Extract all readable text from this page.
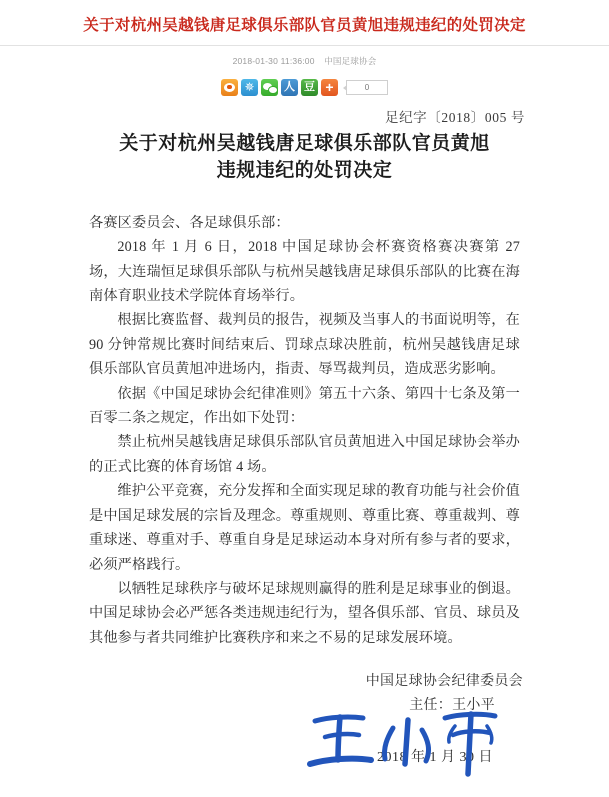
关于对杭州吴越钱唐足球俱乐部队官员黄旭违规违纪的处罚决定
2018-01-30 11:36:00 中国足球协会
✵	人 豆 +	0
足纪字〔2018〕005 号
关于对杭州吴越钱唐足球俱乐部队官员黄旭
违规违纪的处罚决定

各赛区委员会、各足球俱乐部：

2018 年 1 月 6 日，2018 中国足球协会杯赛资格赛决赛第 27 场，大连瑞恒足球俱乐部队与杭州吴越钱唐足球俱乐部队的比赛在海南体育职业技术学院体育场举行。

根据比赛监督、裁判员的报告，视频及当事人的书面说明等，在 90 分钟常规比赛时间结束后、罚球点球决胜前，杭州吴越钱唐足球俱乐部队官员黄旭冲进场内，指责、辱骂裁判员，造成恶劣影响。

依据《中国足球协会纪律准则》第五十六条、第四十七条及第一百零二条之规定，作出如下处罚：

禁止杭州吴越钱唐足球俱乐部队官员黄旭进入中国足球协会举办的正式比赛的体育场馆 4 场。

维护公平竞赛，充分发挥和全面实现足球的教育功能与社会价值是中国足球发展的宗旨及理念。尊重规则、尊重比赛、尊重裁判、尊重球迷、尊重对手、尊重自身是足球运动本身对所有参与者的要求，必须严格践行。

以牺牲足球秩序与破坏足球规则赢得的胜利是足球事业的倒退。中国足球协会必严惩各类违规违纪行为，望各俱乐部、官员、球员及其他参与者共同维护比赛秩序和来之不易的足球发展环境。

中国足球协会纪律委员会
主任：王小平
2018 年 1 月 30 日
